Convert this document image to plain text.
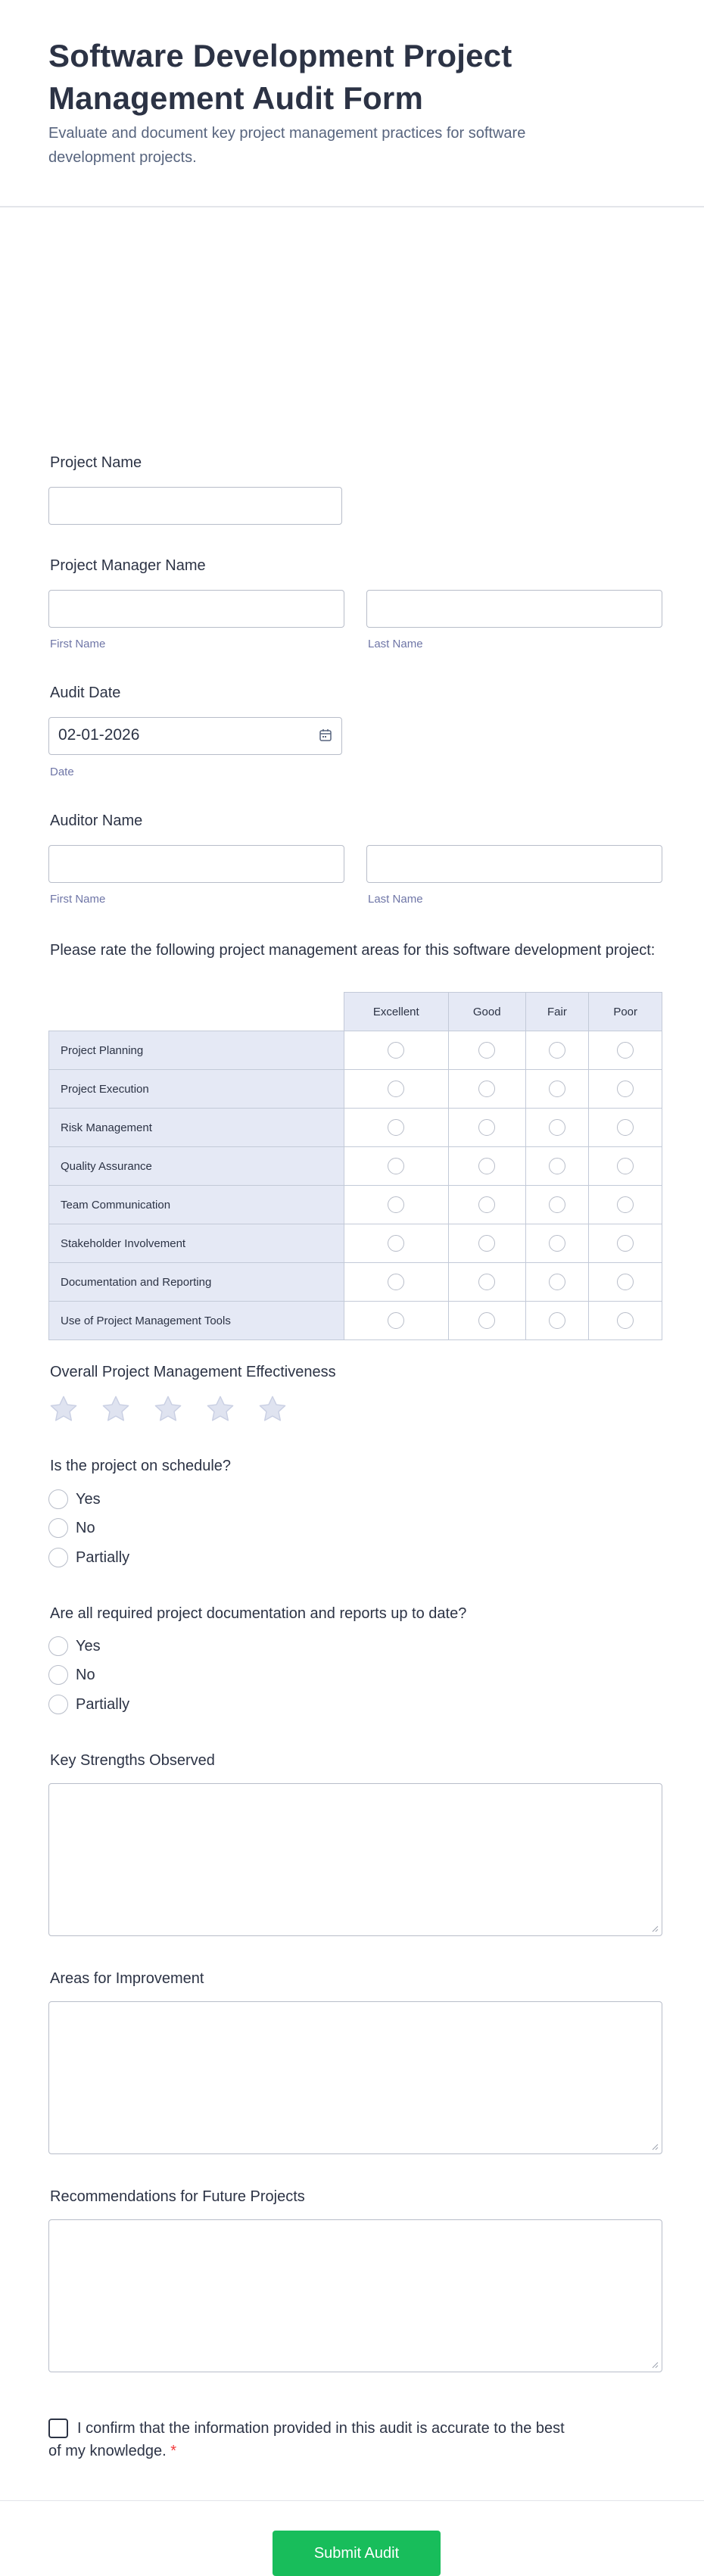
Software Development Project Management Audit Form
Evaluate and document key project management practices for software development projects.
Project Name
Project Manager Name
First Name	Last Name
Audit Date
02-01-2026
Date
Auditor Name
First Name	Last Name
Please rate the following project management areas for this software development project:
	Excellent	Good	Fair	Poor
Project Planning				
Project Execution				
Risk Management				
Quality Assurance				
Team Communication				
Stakeholder Involvement				
Documentation and Reporting				
Use of Project Management Tools				
Overall Project Management Effectiveness
Is the project on schedule?
Yes
No
Partially
Are all required project documentation and reports up to date?
Yes
No
Partially
Key Strengths Observed
Areas for Improvement
Recommendations for Future Projects
I confirm that the information provided in this audit is accurate to the best of my knowledge. *
Submit Audit
